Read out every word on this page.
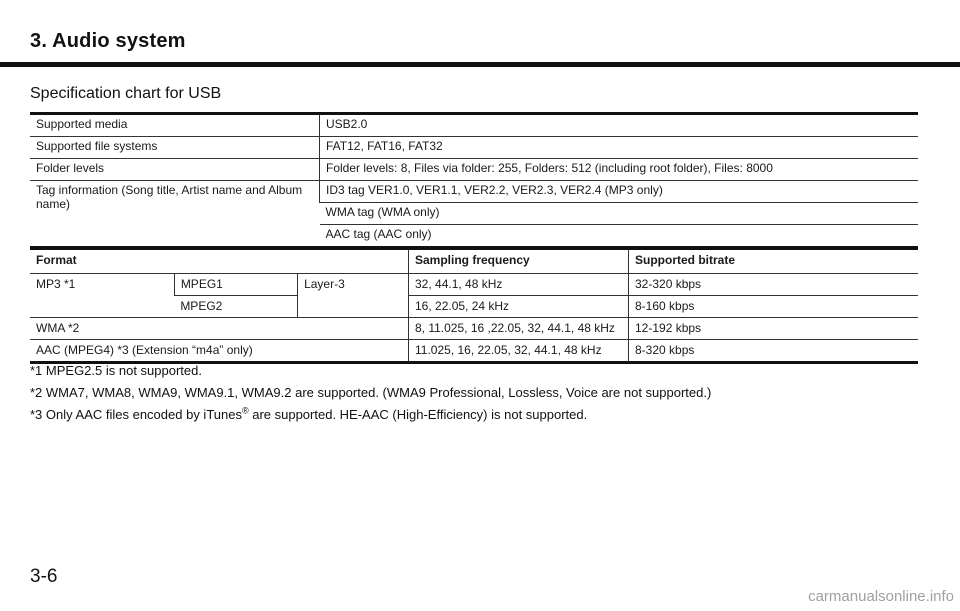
3. Audio system
Specification chart for USB
Supported media	USB2.0
Supported file systems	FAT12, FAT16, FAT32
Folder levels	Folder levels: 8, Files via folder: 255, Folders: 512 (including root folder), Files: 8000
Tag information (Song title, Artist name and Album name)	ID3 tag VER1.0, VER1.1, VER2.2, VER2.3, VER2.4 (MP3 only)
	WMA tag (WMA only)
	AAC tag (AAC only)
Format			Sampling frequency	Supported bitrate
MP3 *1	MPEG1	Layer-3	32, 44.1, 48 kHz	32-320 kbps
	MPEG2		16, 22.05, 24 kHz	8-160 kbps
WMA *2			8, 11.025, 16 ,22.05, 32, 44.1, 48 kHz	12-192 kbps
AAC (MPEG4) *3 (Extension “m4a” only)			11.025, 16, 22.05, 32, 44.1, 48 kHz	8-320 kbps
*1 MPEG2.5 is not supported.
*2 WMA7, WMA8, WMA9, WMA9.1, WMA9.2 are supported. (WMA9 Professional, Lossless, Voice are not supported.)
*3 Only AAC files encoded by iTunes® are supported. HE-AAC (High-Efficiency) is not supported.
3-6
carmanualsonline.info
